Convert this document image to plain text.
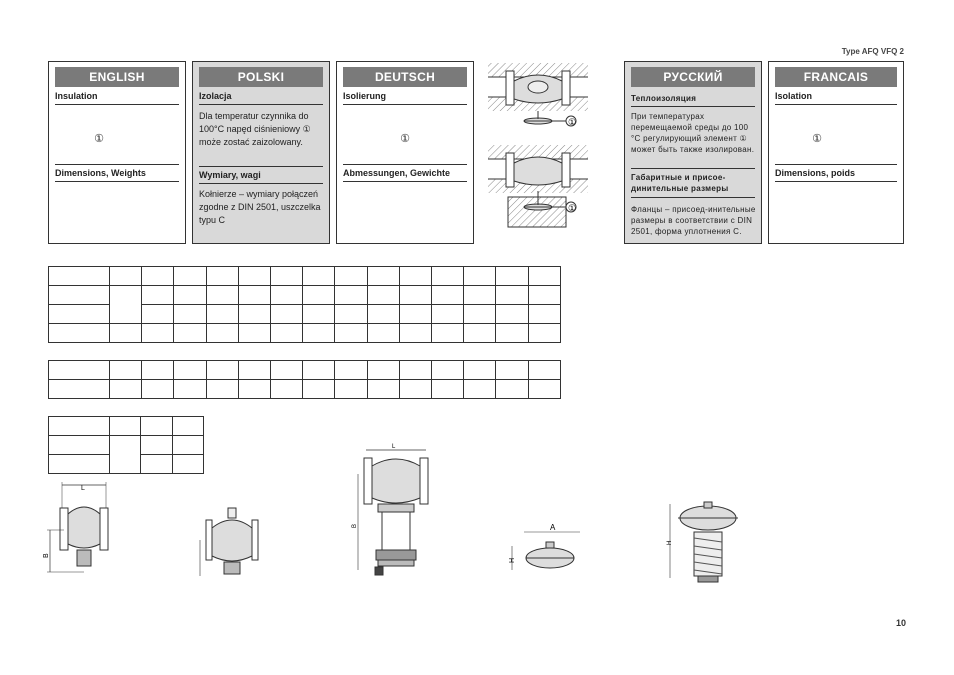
Type AFQ VFQ 2
ENGLISH
Insulation
①
Dimensions, Weights
POLSKI
Izolacja
Dla temperatur czynnika do 100°C napęd ciśnieniowy ① może zostać zaizolowany.
Wymiary, wagi
Kołnierze – wymiary połączeń zgodne z DIN 2501, uszczelka typu C
DEUTSCH
Isolierung
①
Abmessungen, Gewichte
①
①
РУССКИЙ
Теплоизоляция
При температурах перемещаемой среды до 100 °C регулирующий элемент ① может быть также изолирован.
Габаритные и присое-динительные размеры
Фланцы – присоед-инительные размеры в соответствии с DIN 2501, форма уплотнения C.
FRANCAIS
Isolation
①
Dimensions, poids

L
B
L
B	A
H
H
10
